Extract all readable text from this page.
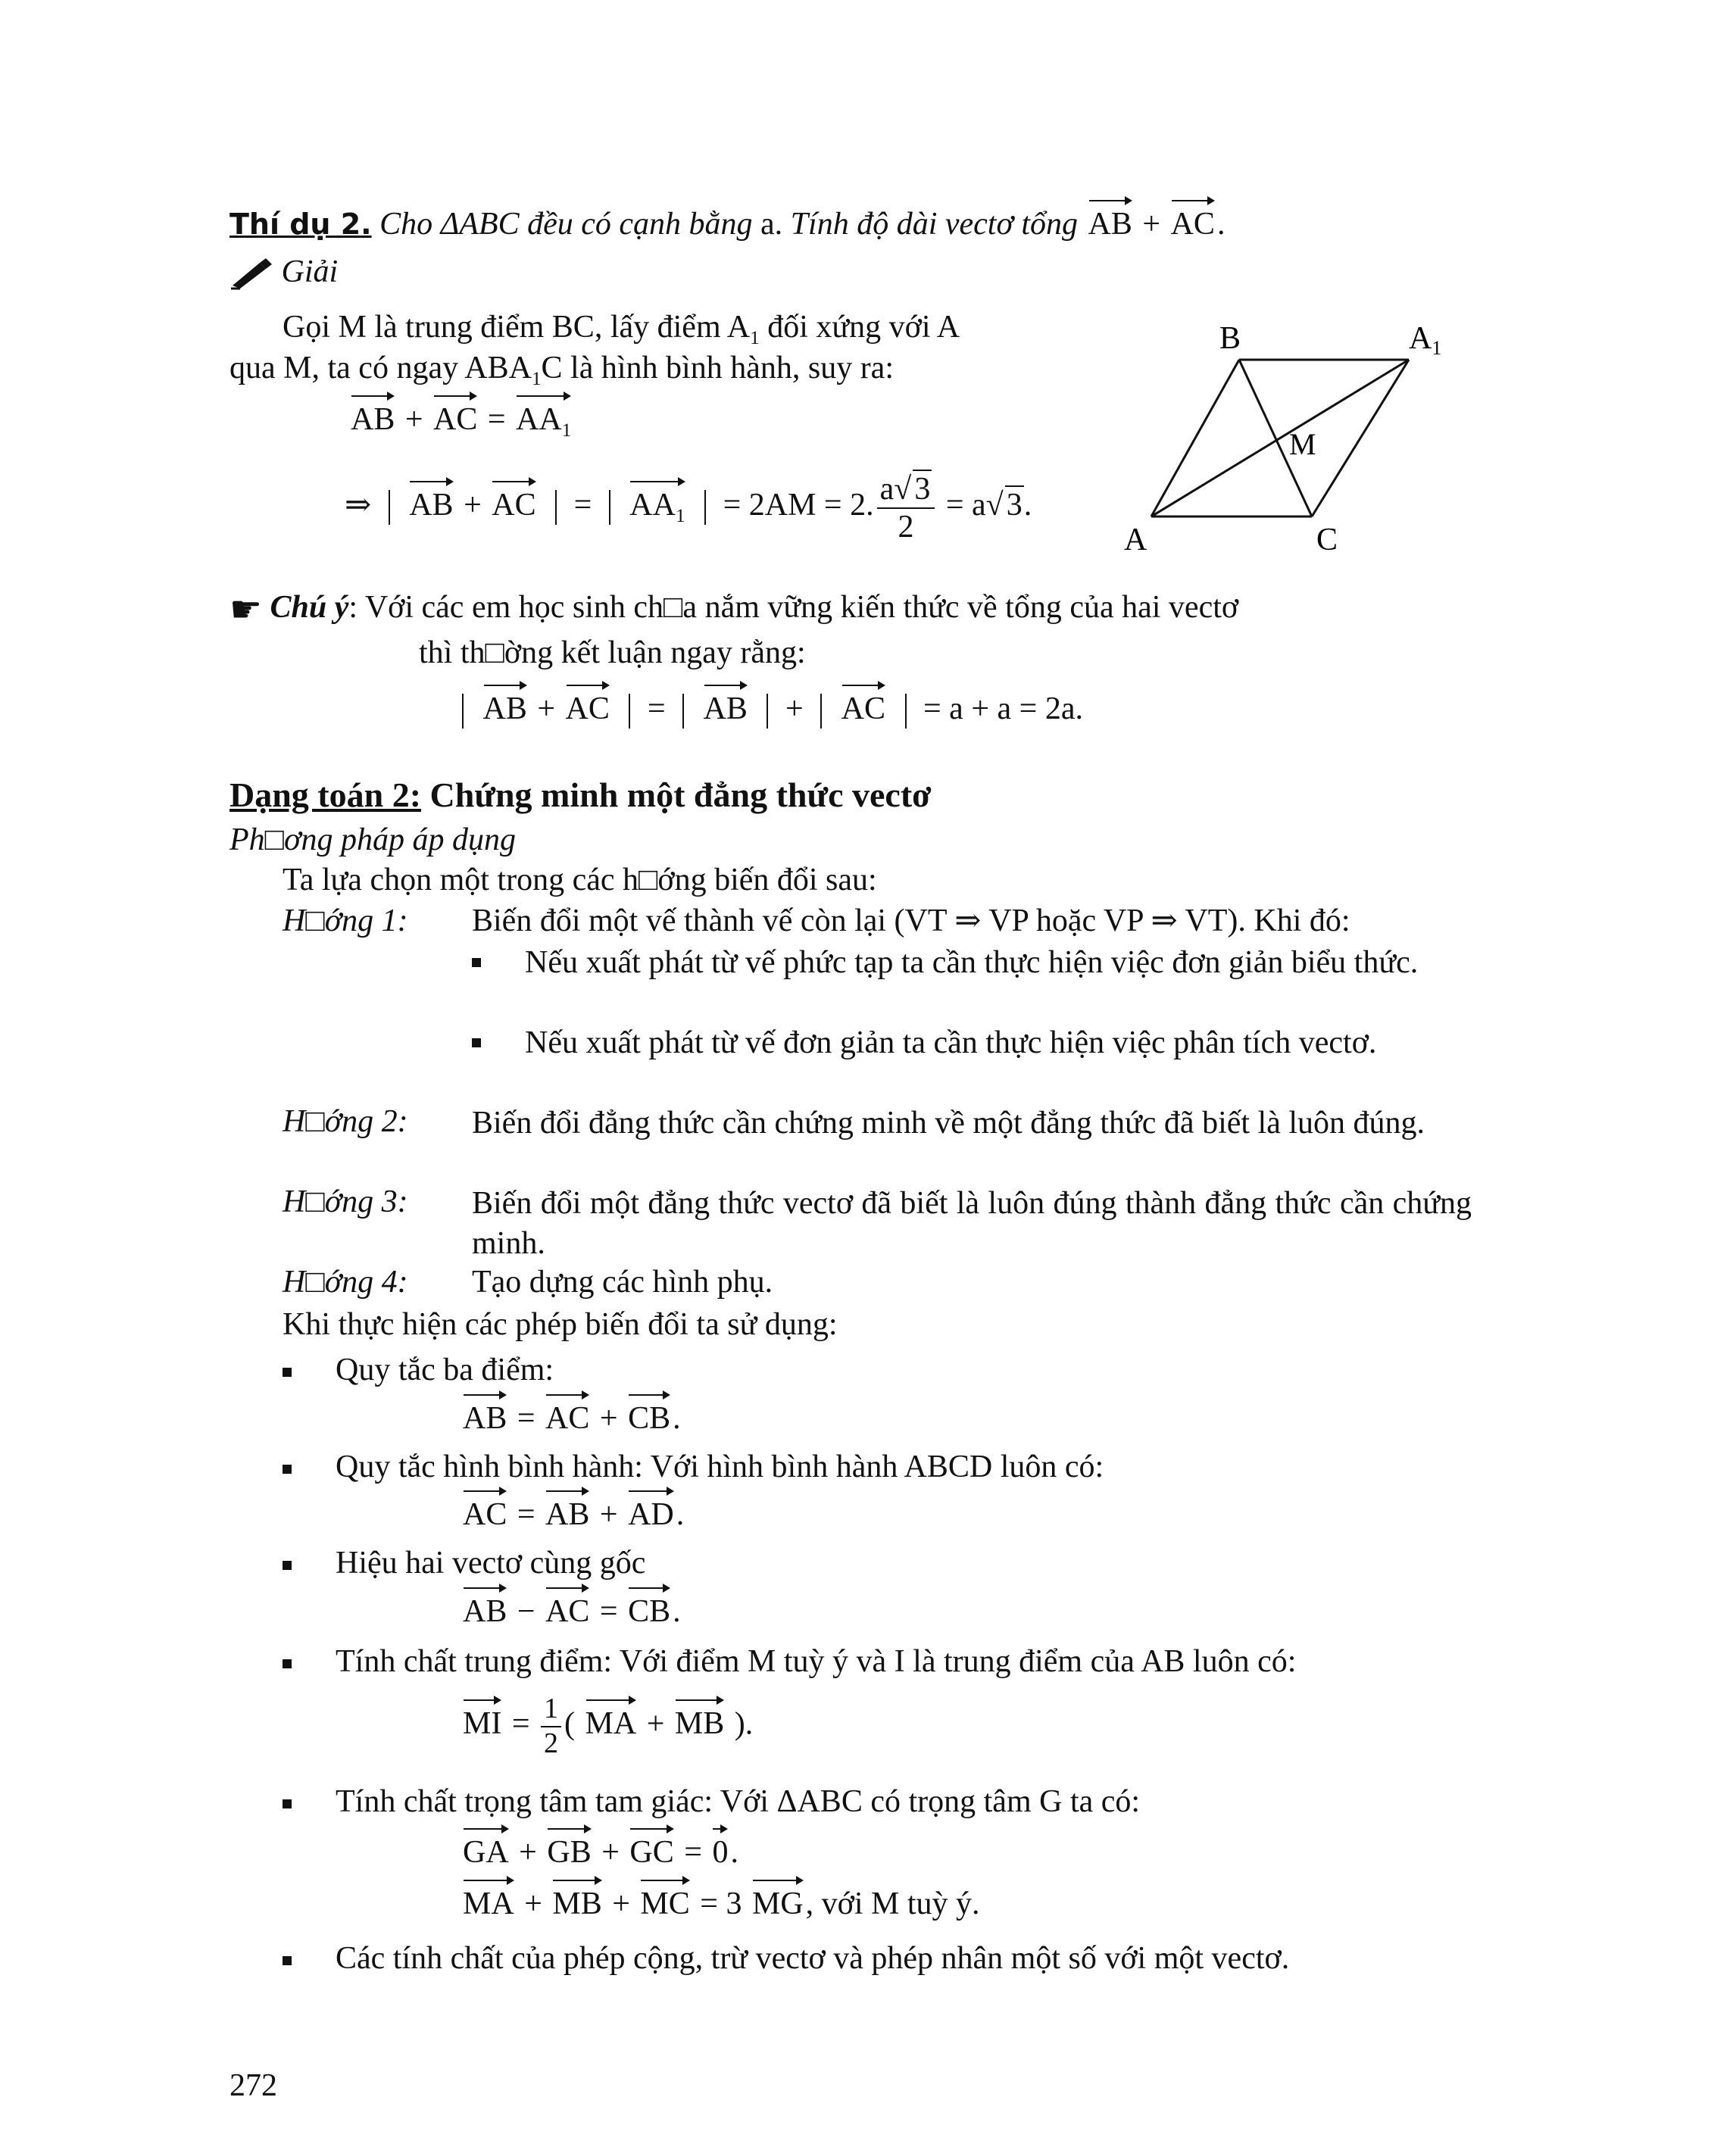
Thí dụ 2. Cho ΔABC đều có cạnh bằng a. Tính độ dài vectơ tổng AB + AC.
Giải
Gọi M là trung điểm BC, lấy điểm $A_1$ đối xứng với A
qua M, ta có ngay $ABA_1C$ là hình bình hành, suy ra:
AB + AC = $AA_1$
⇒ AB + AC = $AA_1 = 2AM = 2$. $\frac{a√3}{2} = a√3$.
B	A1
M
A	C
☛ Chú ý: Với các em học sinh ch□a nắm vững kiến thức về tổng của hai vectơ
thì th□ờng kết luận ngay rằng:
AB + AC = AB + AC = a + a = 2a.
Dạng toán 2: Chứng minh một đẳng thức vectơ
Ph□ơng pháp áp dụng
Ta lựa chọn một trong các h□ớng biến đổi sau:
H□ớng 1: Biến đổi một vế thành vế còn lại (VT ⇒ VP hoặc VP ⇒ VT). Khi đó:
Nếu xuất phát từ vế phức tạp ta cần thực hiện việc đơn giản biểu thức.
Nếu xuất phát từ vế đơn giản ta cần thực hiện việc phân tích vectơ.
H□ớng 2: Biến đổi đẳng thức cần chứng minh về một đẳng thức đã biết là luôn đúng.
H□ớng 3: Biến đổi một đẳng thức vectơ đã biết là luôn đúng thành đẳng thức cần chứng minh.
H□ớng 4: Tạo dựng các hình phụ.
Khi thực hiện các phép biến đổi ta sử dụng:
Quy tắc ba điểm:
AB = AC + CB.
Quy tắc hình bình hành: Với hình bình hành ABCD luôn có:
AC = AB + AD.
Hiệu hai vectơ cùng gốc
AB − AC = CB.
Tính chất trung điểm: Với điểm M tuỳ ý và I là trung điểm của AB luôn có:
MI = $\frac{1}{2}$ ( MA + MB ).
Tính chất trọng tâm tam giác: Với ΔABC có trọng tâm G ta có:
GA + GB + GC = 0.
MA + MB + MC = 3 MG, với M tuỳ ý.
Các tính chất của phép cộng, trừ vectơ và phép nhân một số với một vectơ.
272
